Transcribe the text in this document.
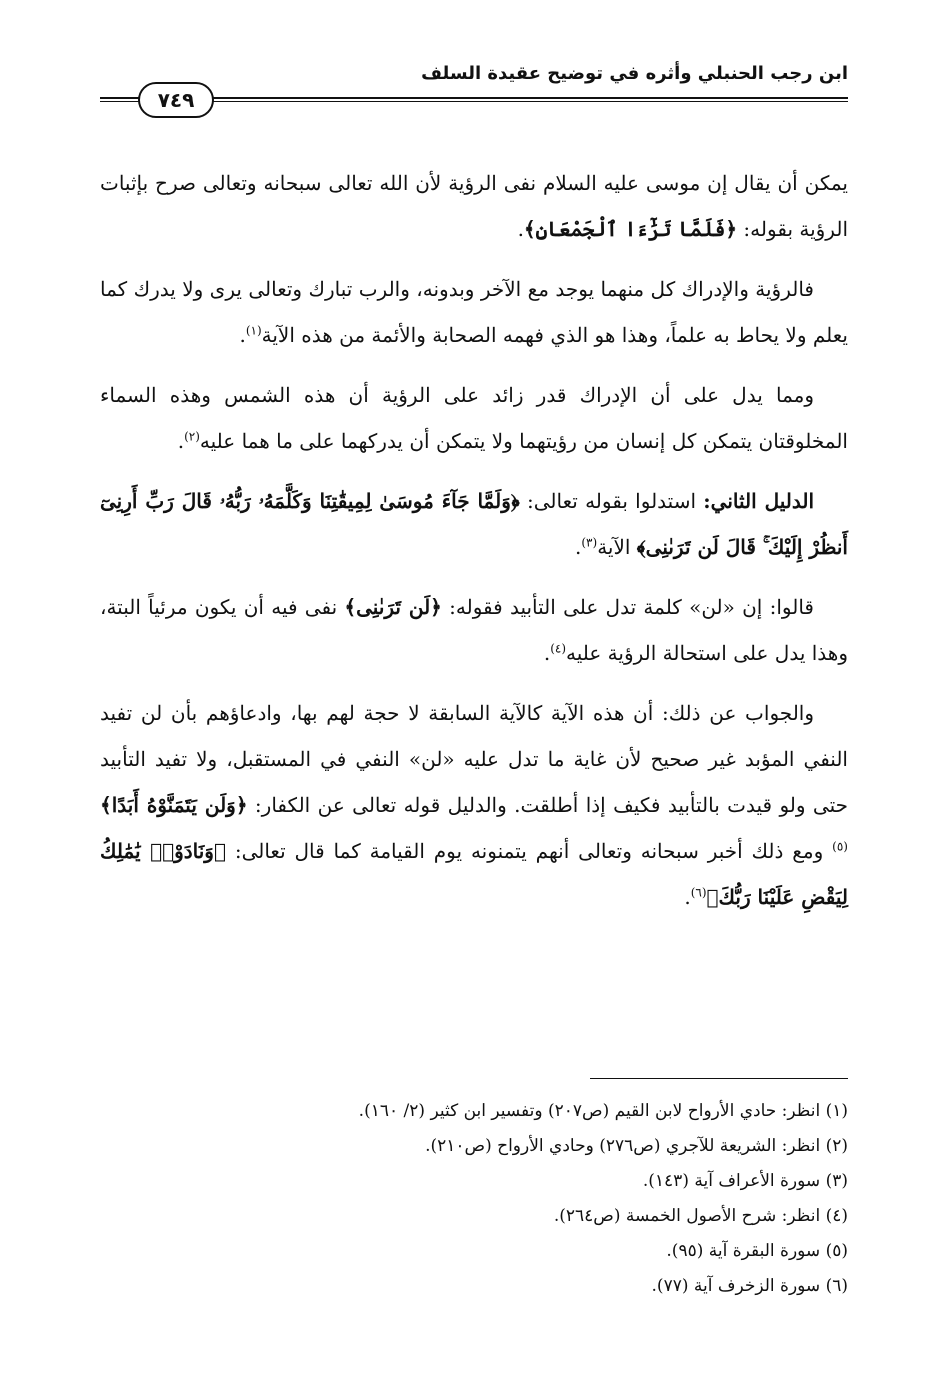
ابن رجب الحنبلي وأثره في توضيح عقيدة السلف
٧٤٩

يمكن أن يقال إن موسى عليه السلام نفى الرؤية لأن الله تعالى سبحانه وتعالى صرح بإثبات الرؤية بقوله: ﴿فَلَمَّا تَرَٰٓءَا ٱلْجَمْعَانِ﴾.

فالرؤية والإدراك كل منهما يوجد مع الآخر وبدونه، والرب تبارك وتعالى يرى ولا يدرك كما يعلم ولا يحاط به علماً، وهذا هو الذي فهمه الصحابة والأئمة من هذه الآية$^{(١)}$.

ومما يدل على أن الإدراك قدر زائد على الرؤية أن هذه الشمس وهذه السماء المخلوقتان يتمكن كل إنسان من رؤيتهما ولا يتمكن أن يدركهما على ما هما عليه$^{(٢)}$.

الدليل الثاني: استدلوا بقوله تعالى: ﴿وَلَمَّا جَآءَ مُوسَىٰ لِمِيقَٰتِنَا وَكَلَّمَهُۥ رَبُّهُۥ قَالَ رَبِّ أَرِنِىٓ أَنظُرْ إِلَيْكَ ۚ قَالَ لَن تَرَىٰنِى﴾ الآية$^{(٣)}$.

قالوا: إن «لن» كلمة تدل على التأبيد فقوله: ﴿لَن تَرَىٰنِى﴾ نفى فيه أن يكون مرئياً البتة، وهذا يدل على استحالة الرؤية عليه$^{(٤)}$.

والجواب عن ذلك: أن هذه الآية كالآية السابقة لا حجة لهم بها، وادعاؤهم بأن لن تفيد النفي المؤبد غير صحيح لأن غاية ما تدل عليه «لن» النفي في المستقبل، ولا تفيد التأبيد حتى ولو قيدت بالتأبيد فكيف إذا أطلقت. والدليل قوله تعالى عن الكفار: ﴿وَلَن يَتَمَنَّوْهُ أَبَدًا﴾$^{(٥)}$ ومع ذلك أخبر سبحانه وتعالى أنهم يتمنونه يوم القيامة كما قال تعالى: ﴿وَنَادَوْا۟ يَٰمَٰلِكُ لِيَقْضِ عَلَيْنَا رَبُّكَ﴾$^{(٦)}$.

(١) انظر: حادي الأرواح لابن القيم (ص٢٠٧) وتفسير ابن كثير (٢/ ١٦٠).
(٢) انظر: الشريعة للآجري (ص٢٧٦) وحادي الأرواح (ص٢١٠).
(٣) سورة الأعراف آية (١٤٣).
(٤) انظر: شرح الأصول الخمسة (ص٢٦٤).
(٥) سورة البقرة آية (٩٥).
(٦) سورة الزخرف آية (٧٧).
